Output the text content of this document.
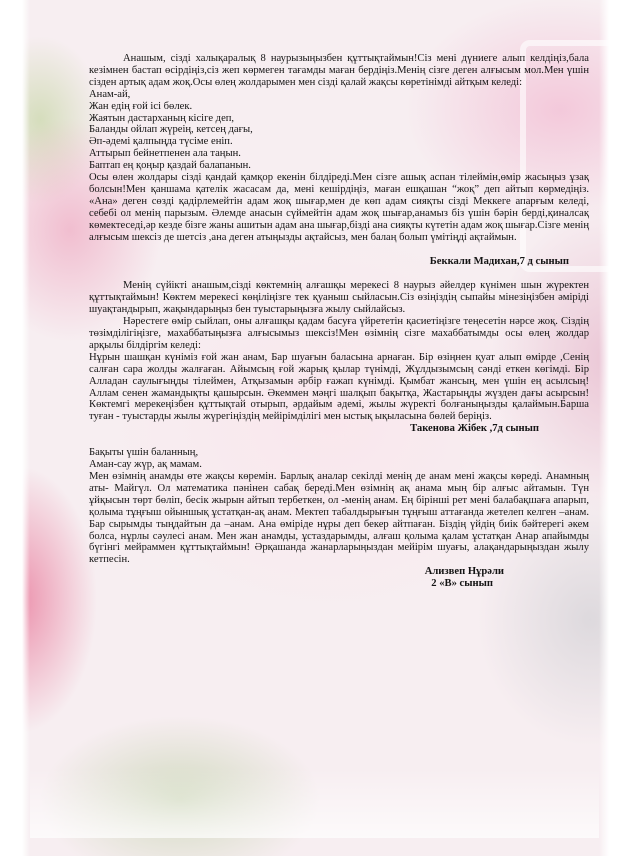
Анашым, сізді халықаралық 8 наурызыңызбен құттықтаймын!Сіз мені дүниеге алып келдіңіз,бала кезімнен бастап өсірдіңіз,сіз жеп көрмеген тағамды маған бердіңіз.Менің сізге деген алғысым мол.Мен үшін сізден артық адам жоқ.Осы өлең жолдарымен мен сізді қалай жақсы көретінімді айтқым келеді:

Анам-ай,

Жан едің ғой ісі бөлек.

Жаятын дастарханың кісіге деп,

Баланды ойлап жүреің, кетсең дағы,

Әп-әдемі қалпыңда түсіме еніп.

Аттырып бейнетпенен ала таңын.

Баптап ең қоңыр қаздай балапанын.

Осы өлен жолдары сізді қандай қамқор екенін білдіреді.Мен сізге ашық аспан тілеймін,өмір жасыңыз ұзақ болсын!Мен қаншама қателік жасасам да, мені кешірдіңіз, маған ешқашан “жоқ” деп айтып көрмедіңіз. «Ана» деген сөзді қадірлемейтін адам жоқ шығар,мен де көп адам сияқты сізді Меккеге апарғым келеді, себебі ол менің парызым. Әлемде анасын сүймейтін адам жоқ шығар,анамыз біз үшін бәрін берді,қиналсақ көмектеседі,әр кезде бізге жаны ашитын адам ана шығар,біздi ана сияқты күтетін адам жоқ шығар.Сізге менің алғысым шексіз де шетсіз ,ана деген атыңызды ақтайсыз, мен балаң болып үмітіңді ақтаймын.

Беккали Мадихан,7 д сынып

Менің сүйікті анашым,сізді көктемнің алғашқы мерекесі 8 наурыз әйелдер күнімен шын жүректен құттықтаймын! Көктем мерекесі көңіліңізге тек қуаныш сыйласын.Сіз өзіңіздің сыпайы мінезіңізбен әміріді шуақтандырып, жақындарыңыз бен туыстарыңызға жылу сыйлайсыз.

Нәрестеге өмір сыйлап, оны алғашқы қадам басуға үйрететін қасиетіңізге теңесетін нәрсе жоқ. Сіздің төзімділігіңізге, махаббатыңызға алғысымыз шексіз!Мен өзімнің сізге махаббатымды осы өлең жолдар арқылы білдіргім келеді:

Нұрын шашқан күніміз ғой жан анам, Бар шуағын баласына арнаған. Бір өзіңнен қуат алып өмірде ,Сенің салған сара жолды жалғаған. Айымсың ғой жарық қылар түнімді, Жұлдызымсың сәнді еткен көгімді. Бір Алладан саулығыңды тілеймен, Атқызамын әрбір ғажап күнімді. Қымбат жансың, мен үшін ең асылсың! Аллам сенен жамандықты қашырсын. Әкеммен мәңгі шалқып бақытқа, Жастарыңды жүзден дағы асырсын! Көктемгі мерекеңізбен құттықтай отырып, әрдайым әдемі, жылы жүректі болғаныңызды қалаймын.Барша туған - туыстарды жылы жүрегіңіздің мейірімділігі мен ыстық ықыласына бөлей беріңіз.

Такенова Жібек ,7д сынып

Бақыты үшін баланның,

Аман-сау жүр, ақ мамам.

Мен өзімнің анамды өте жақсы көремін. Барлық аналар секілді менің де анам мені жақсы көреді. Анамның аты- Майгүл. Ол математика пәнінен сабақ береді.Мен өзімнің ақ анама мың бір алғыс айтамын. Түн ұйқысын төрт бөліп, бесік жырын айтып тербеткен, ол -менің анам. Ең бірінші рет мені балабақшаға апарып, қолыма тұңғыш ойыншық ұстатқан-ақ анам. Мектеп табалдырығын тұңғыш аттағанда жетелеп келген –анам. Бар сырымды тыңдайтын да –анам. Ана өміріде нұры деп бекер айтпаған. Біздің үйдің биік бәйтерегі әкем болса, нұрлы сәулесі анам. Мен жан анамды, ұстаздарымды, алғаш қолыма қалам ұстатқан Анар апайымды бүгінгі мейраммен құттықтаймын! Әрқашанда жанарларыңыздан мейірім шуағы, алақандарыңыздан жылу кетпесін.

Ализвеп Нұрәли

2 «В» сынып
